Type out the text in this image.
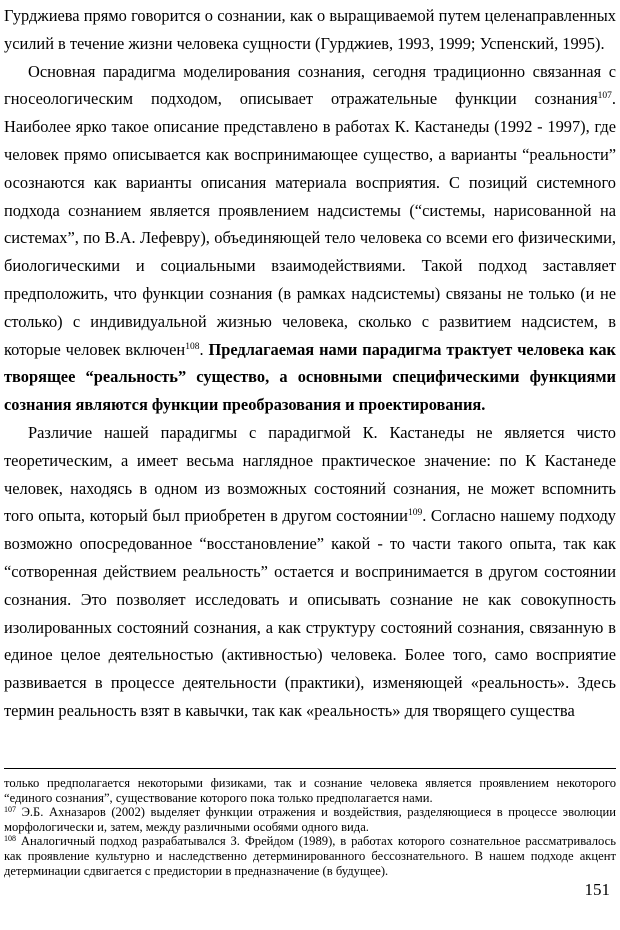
Гурджиева прямо говорится о сознании, как о выращиваемой путем целенаправленных усилий в течение жизни человека сущности (Гурджиев, 1993, 1999; Успенский, 1995).

Основная парадигма моделирования сознания, сегодня традиционно связанная с гносеологическим подходом, описывает отражательные функции сознания$^{107}$. Наиболее ярко такое описание представлено в работах К. Кастанеды (1992 - 1997), где человек прямо описывается как воспринимающее существо, а варианты “реальности” осознаются как варианты описания материала восприятия. С позиций системного подхода сознанием является проявлением надсистемы (“системы, нарисованной на системах”, по В.А. Лефевру), объединяющей тело человека со всеми его физическими, биологическими и социальными взаимодействиями. Такой подход заставляет предположить, что функции сознания (в рамках надсистемы) связаны не только (и не столько) с индивидуальной жизнью человека, сколько с развитием надсистем, в которые человек включен$^{108}$. Предлагаемая нами парадигма трактует человека как творящее “реальность” существо, а основными специфическими функциями сознания являются функции преобразования и проектирования.

Различие нашей парадигмы с парадигмой К. Кастанеды не является чисто теоретическим, а имеет весьма наглядное практическое значение: по К Кастанеде человек, находясь в одном из возможных состояний сознания, не может вспомнить того опыта, который был приобретен в другом состоянии$^{109}$. Согласно нашему подходу возможно опосредованное “восстановление” какой - то части такого опыта, так как “сотворенная действием реальность” остается и воспринимается в другом состоянии сознания. Это позволяет исследовать и описывать сознание не как совокупность изолированных состояний сознания, а как структуру состояний сознания, связанную в единое целое деятельностью (активностью) человека. Более того, само восприятие развивается в процессе деятельности (практики), изменяющей «реальность». Здесь термин реальность взят в кавычки, так как «реальность» для творящего существа

только предполагается некоторыми физиками, так и сознание человека является проявлением некоторого “единого сознания”, существование которого пока только предполагается нами.

$^{107}$ Э.Б. Ахназаров (2002) выделяет функции отражения и воздействия, разделяющиеся в процессе эволюции морфологически и, затем, между различными особями одного вида.

$^{108}$ Аналогичный подход разрабатывался З. Фрейдом (1989), в работах которого сознательное рассматривалось как проявление культурно и наследственно детерминированного бессознательного. В нашем подходе акцент детерминации сдвигается с предистории в предназначение (в будущее).

151
